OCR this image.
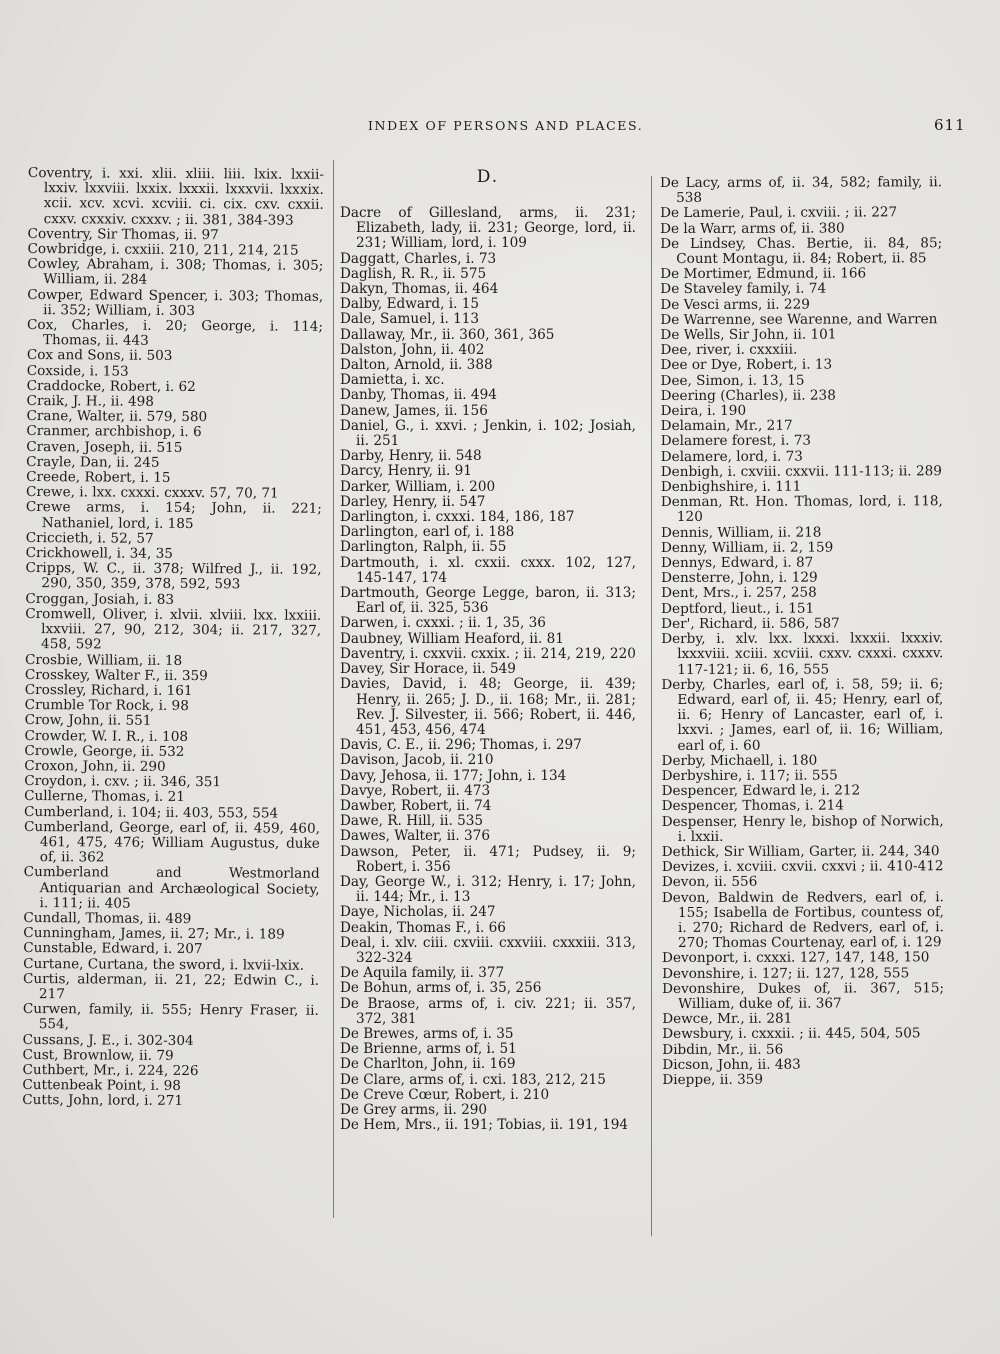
INDEX OF PERSONS AND PLACES.	611

Coventry, i. xxi. xlii. xliii. liii. lxix. lxxii-lxxiv. lxxviii. lxxix. lxxxii. lxxxvii. lxxxix. xcii. xcv. xcvi. xcviii. ci. cix. cxv. cxxii. cxxv. cxxxiv. cxxxv. ; ii. 381, 384-393

Coventry, Sir Thomas, ii. 97

Cowbridge, i. cxxiii. 210, 211, 214, 215

Cowley, Abraham, i. 308; Thomas, i. 305; William, ii. 284

Cowper, Edward Spencer, i. 303; Thomas, ii. 352; William, i. 303

Cox, Charles, i. 20; George, i. 114; Thomas, ii. 443

Cox and Sons, ii. 503

Coxside, i. 153

Craddocke, Robert, i. 62

Craik, J. H., ii. 498

Crane, Walter, ii. 579, 580

Cranmer, archbishop, i. 6

Craven, Joseph, ii. 515

Crayle, Dan, ii. 245

Creede, Robert, i. 15

Crewe, i. lxx. cxxxi. cxxxv. 57, 70, 71

Crewe arms, i. 154; John, ii. 221; Nathaniel, lord, i. 185

Criccieth, i. 52, 57

Crickhowell, i. 34, 35

Cripps, W. C., ii. 378; Wilfred J., ii. 192, 290, 350, 359, 378, 592, 593

Croggan, Josiah, i. 83

Cromwell, Oliver, i. xlvii. xlviii. lxx. lxxiii. lxxviii. 27, 90, 212, 304; ii. 217, 327, 458, 592

Crosbie, William, ii. 18

Crosskey, Walter F., ii. 359

Crossley, Richard, i. 161

Crumble Tor Rock, i. 98

Crow, John, ii. 551

Crowder, W. I. R., i. 108

Crowle, George, ii. 532

Croxon, John, ii. 290

Croydon, i. cxv. ; ii. 346, 351

Cullerne, Thomas, i. 21

Cumberland, i. 104; ii. 403, 553, 554

Cumberland, George, earl of, ii. 459, 460, 461, 475, 476; William Augustus, duke of, ii. 362

Cumberland and Westmorland Antiquarian and Archæological Society, i. 111; ii. 405

Cundall, Thomas, ii. 489

Cunningham, James, ii. 27; Mr., i. 189

Cunstable, Edward, i. 207

Curtane, Curtana, the sword, i. lxvii-lxix.

Curtis, alderman, ii. 21, 22; Edwin C., i. 217

Curwen, family, ii. 555; Henry Fraser, ii. 554,

Cussans, J. E., i. 302-304

Cust, Brownlow, ii. 79

Cuthbert, Mr., i. 224, 226

Cuttenbeak Point, i. 98

Cutts, John, lord, i. 271

D.

Dacre of Gillesland, arms, ii. 231; Elizabeth, lady, ii. 231; George, lord, ii. 231; William, lord, i. 109

Daggatt, Charles, i. 73

Daglish, R. R., ii. 575

Dakyn, Thomas, ii. 464

Dalby, Edward, i. 15

Dale, Samuel, i. 113

Dallaway, Mr., ii. 360, 361, 365

Dalston, John, ii. 402

Dalton, Arnold, ii. 388

Damietta, i. xc.

Danby, Thomas, ii. 494

Danew, James, ii. 156

Daniel, G., i. xxvi. ; Jenkin, i. 102; Josiah, ii. 251

Darby, Henry, ii. 548

Darcy, Henry, ii. 91

Darker, William, i. 200

Darley, Henry, ii. 547

Darlington, i. cxxxi. 184, 186, 187

Darlington, earl of, i. 188

Darlington, Ralph, ii. 55

Dartmouth, i. xl. cxxii. cxxx. 102, 127, 145-147, 174

Dartmouth, George Legge, baron, ii. 313; Earl of, ii. 325, 536

Darwen, i. cxxxi. ; ii. 1, 35, 36

Daubney, William Heaford, ii. 81

Daventry, i. cxxvii. cxxix. ; ii. 214, 219, 220

Davey, Sir Horace, ii. 549

Davies, David, i. 48; George, ii. 439; Henry, ii. 265; J. D., ii. 168; Mr., ii. 281; Rev. J. Silvester, ii. 566; Robert, ii. 446, 451, 453, 456, 474

Davis, C. E., ii. 296; Thomas, i. 297

Davison, Jacob, ii. 210

Davy, Jehosa, ii. 177; John, i. 134

Davye, Robert, ii. 473

Dawber, Robert, ii. 74

Dawe, R. Hill, ii. 535

Dawes, Walter, ii. 376

Dawson, Peter, ii. 471; Pudsey, ii. 9; Robert, i. 356

Day, George W., i. 312; Henry, i. 17; John, ii. 144; Mr., i. 13

Daye, Nicholas, ii. 247

Deakin, Thomas F., i. 66

Deal, i. xlv. ciii. cxviii. cxxviii. cxxxiii. 313, 322-324

De Aquila family, ii. 377

De Bohun, arms of, i. 35, 256

De Braose, arms of, i. civ. 221; ii. 357, 372, 381

De Brewes, arms of, i. 35

De Brienne, arms of, i. 51

De Charlton, John, ii. 169

De Clare, arms of, i. cxi. 183, 212, 215

De Creve Cœur, Robert, i. 210

De Grey arms, ii. 290

De Hem, Mrs., ii. 191; Tobias, ii. 191, 194

De Lacy, arms of, ii. 34, 582; family, ii. 538

De Lamerie, Paul, i. cxviii. ; ii. 227

De la Warr, arms of, ii. 380

De Lindsey, Chas. Bertie, ii. 84, 85; Count Montagu, ii. 84; Robert, ii. 85

De Mortimer, Edmund, ii. 166

De Staveley family, i. 74

De Vesci arms, ii. 229

De Warrenne, see Warenne, and Warren

De Wells, Sir John, ii. 101

Dee, river, i. cxxxiii.

Dee or Dye, Robert, i. 13

Dee, Simon, i. 13, 15

Deering (Charles), ii. 238

Deira, i. 190

Delamain, Mr., 217

Delamere forest, i. 73

Delamere, lord, i. 73

Denbigh, i. cxviii. cxxvii. 111-113; ii. 289

Denbighshire, i. 111

Denman, Rt. Hon. Thomas, lord, i. 118, 120

Dennis, William, ii. 218

Denny, William, ii. 2, 159

Dennys, Edward, i. 87

Densterre, John, i. 129

Dent, Mrs., i. 257, 258

Deptford, lieut., i. 151

Der', Richard, ii. 586, 587

Derby, i. xlv. lxx. lxxxi. lxxxii. lxxxiv. lxxxviii. xciii. xcviii. cxxv. cxxxi. cxxxv. 117-121; ii. 6, 16, 555

Derby, Charles, earl of, i. 58, 59; ii. 6; Edward, earl of, ii. 45; Henry, earl of, ii. 6; Henry of Lancaster, earl of, i. lxxvi. ; James, earl of, ii. 16; William, earl of, i. 60

Derby, Michaell, i. 180

Derbyshire, i. 117; ii. 555

Despencer, Edward le, i. 212

Despencer, Thomas, i. 214

Despenser, Henry le, bishop of Norwich, i. lxxii.

Dethick, Sir William, Garter, ii. 244, 340

Devizes, i. xcviii. cxvii. cxxvi ; ii. 410-412

Devon, ii. 556

Devon, Baldwin de Redvers, earl of, i. 155; Isabella de Fortibus, countess of, i. 270; Richard de Redvers, earl of, i. 270; Thomas Courtenay, earl of, i. 129

Devonport, i. cxxxi. 127, 147, 148, 150

Devonshire, i. 127; ii. 127, 128, 555

Devonshire, Dukes of, ii. 367, 515; William, duke of, ii. 367

Dewce, Mr., ii. 281

Dewsbury, i. cxxxii. ; ii. 445, 504, 505

Dibdin, Mr., ii. 56

Dicson, John, ii. 483

Dieppe, ii. 359
